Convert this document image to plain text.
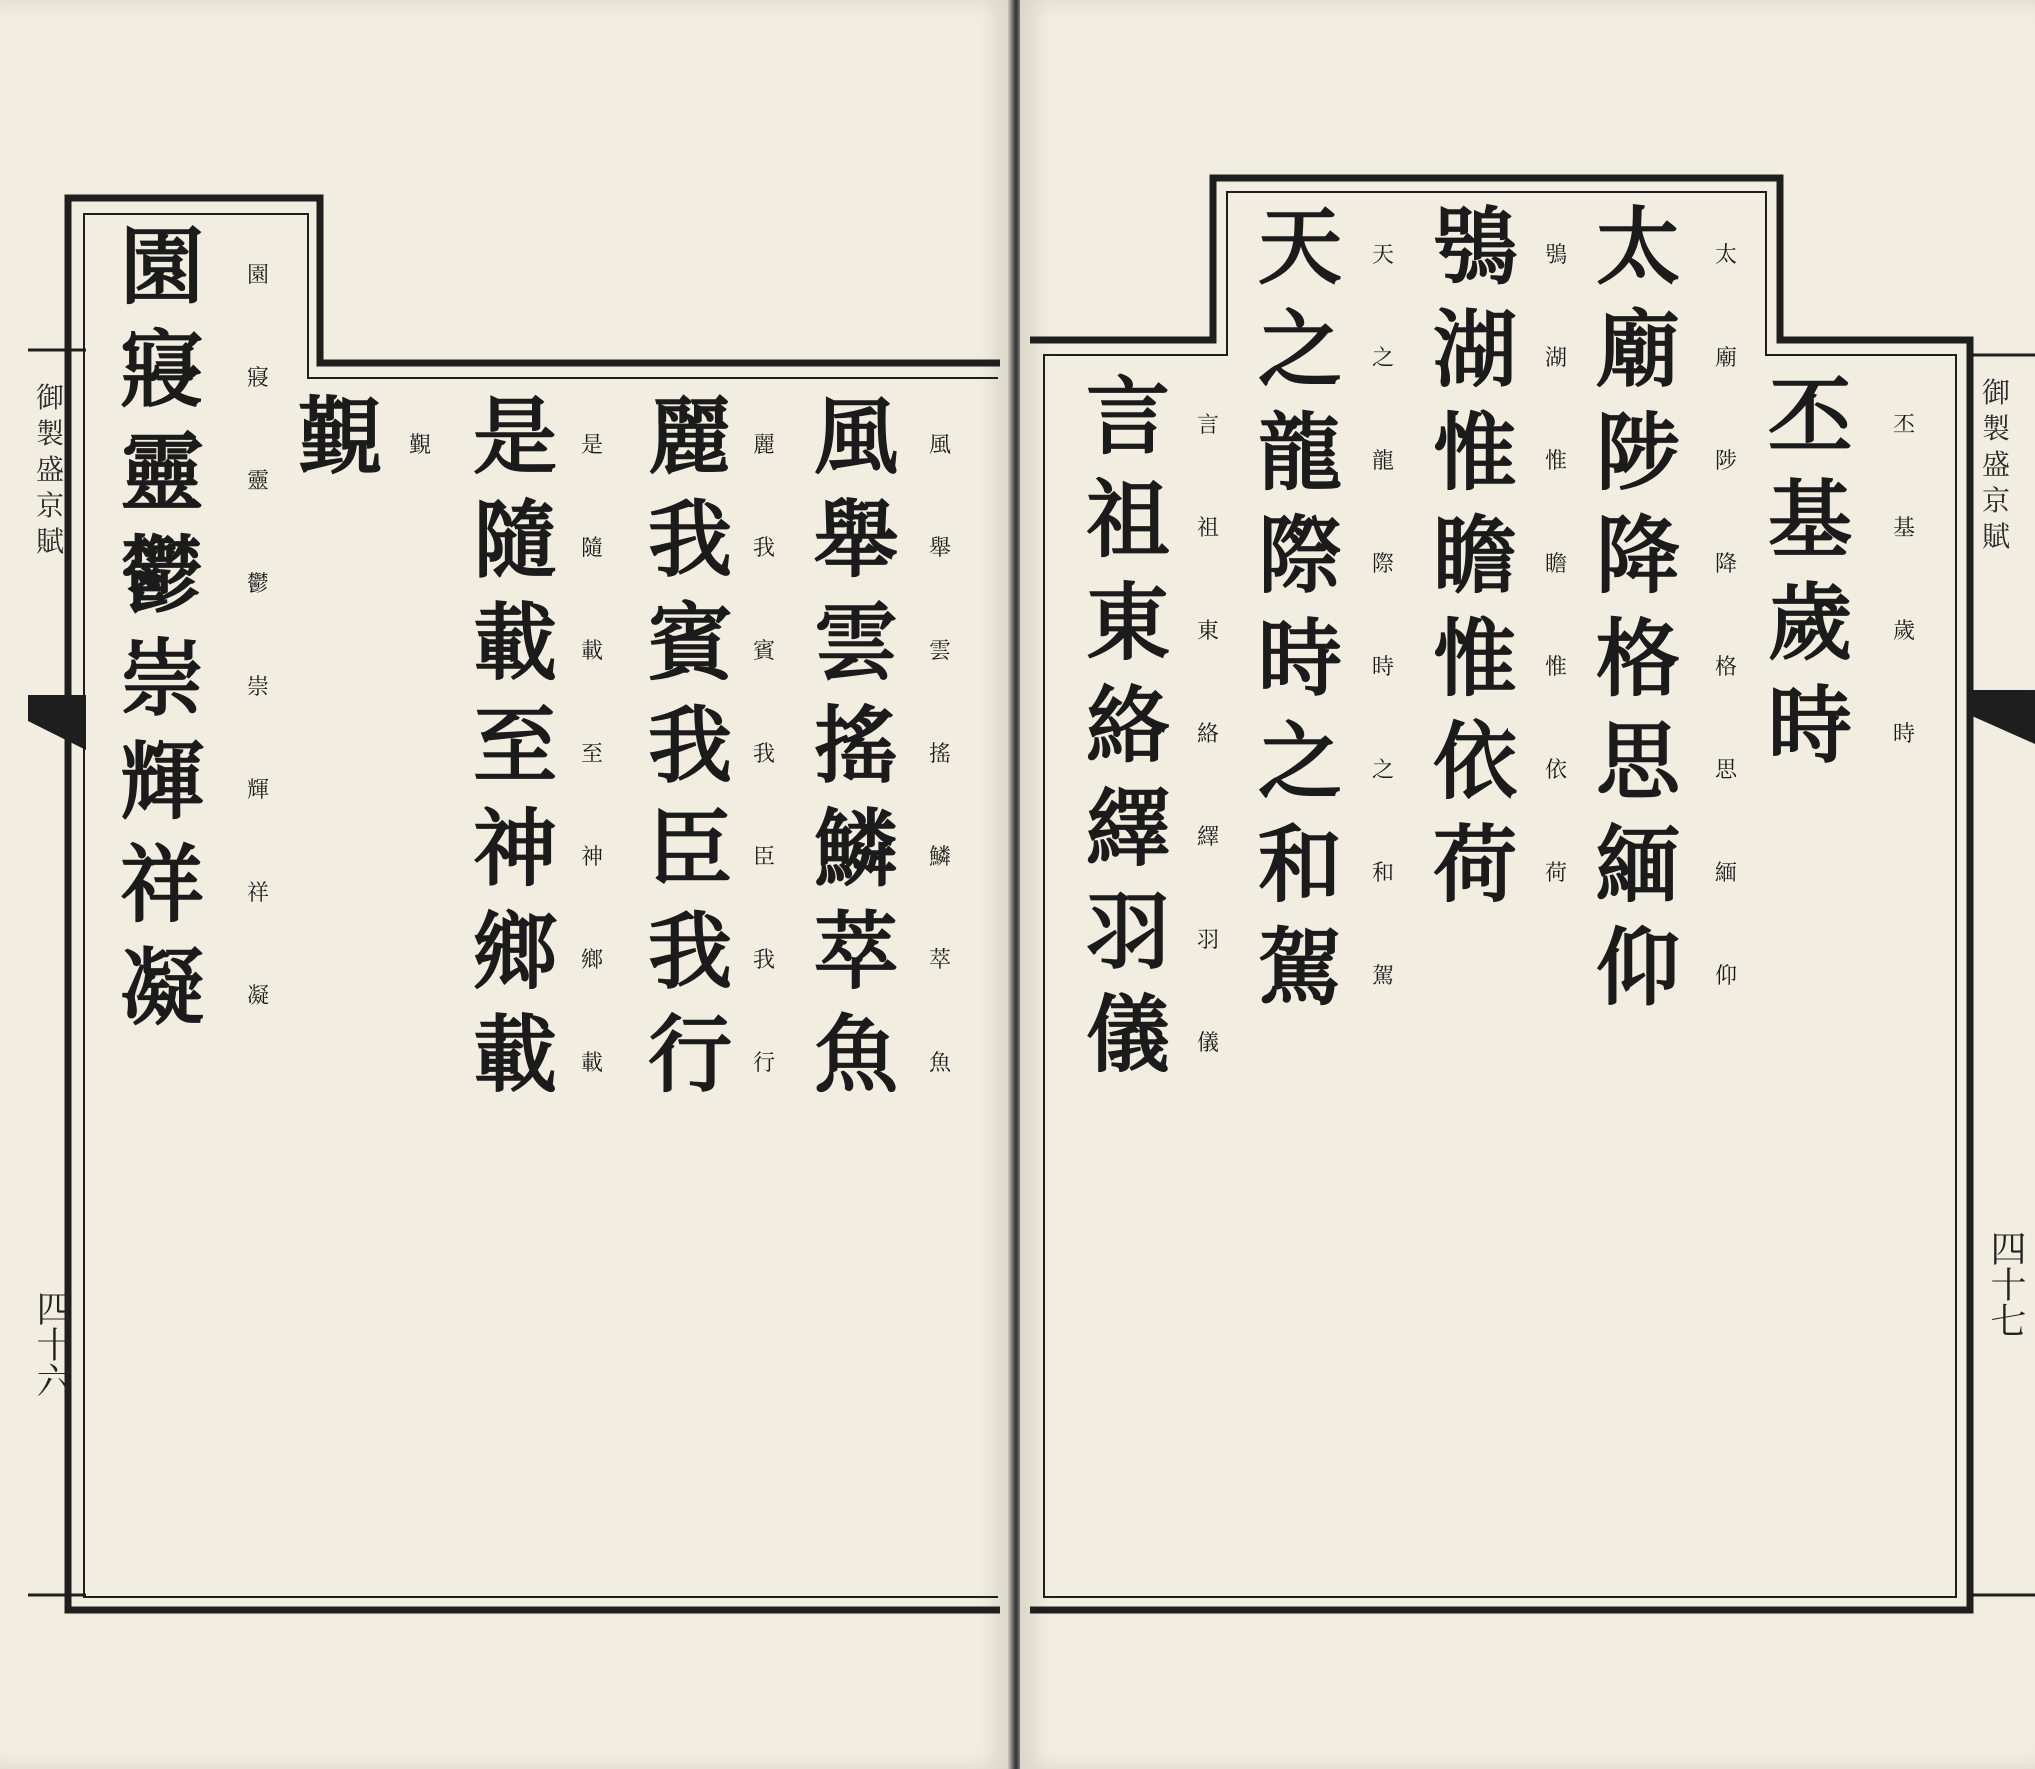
御
製
盛
京
賦
四十六
風
舉
雲
搖
鱗
萃
魚
風
舉
雲
搖
鱗
萃
魚
麗
我
賓
我
臣
我
行
麗
我
賓
我
臣
我
行
是
隨
載
至
神
鄉
載
是
隨
載
至
神
鄉
載
覲 覲
園
寢
靈
鬱
崇
輝
祥
凝
園
寢
靈
鬱
崇
輝
祥
凝
御
製
盛
京
賦
四十七
丕
基
歲
時
丕
基
歲
時
太
廟
陟
降
格
思
緬
仰
太
廟
陟
降
格
思
緬
仰
鴞
湖
惟
瞻
惟
依
荷
鴞
湖
惟
瞻
惟
依
荷
天
之
龍
際
時
之
和
駕
天
之
龍
際
時
之
和
駕
言
祖
東
絡
繹
羽
儀
言
祖
東
絡
繹
羽
儀
